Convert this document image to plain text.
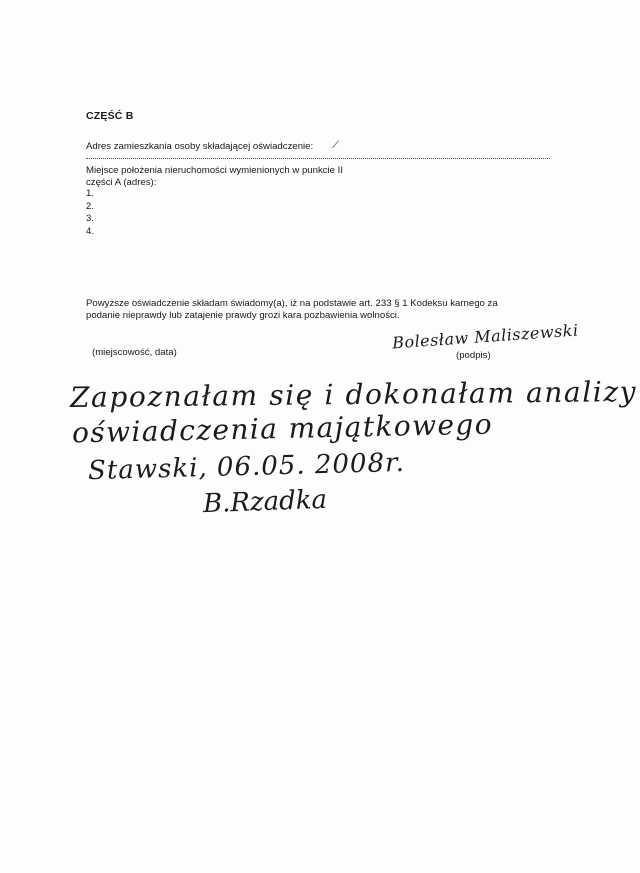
CZĘŚĆ B
Adres zamieszkania osoby składającej oświadczenie: ⟋
Miejsce położenia nieruchomości wymienionych w punkcie II
części A (adres):
1.
2.
3.
4.
Powyższe oświadczenie składam świadomy(a), iż na podstawie art. 233 § 1 Kodeksu karnego za
podanie nieprawdy lub zatajenie prawdy grozi kara pozbawienia wolności.
Bolesław Maliszewski
(miejscowość, data)	(podpis)
Zapoznałam się i dokonałam analizy
oświadczenia majątkowego
Stawski, 06.05. 2008r.
B.Rzadka
